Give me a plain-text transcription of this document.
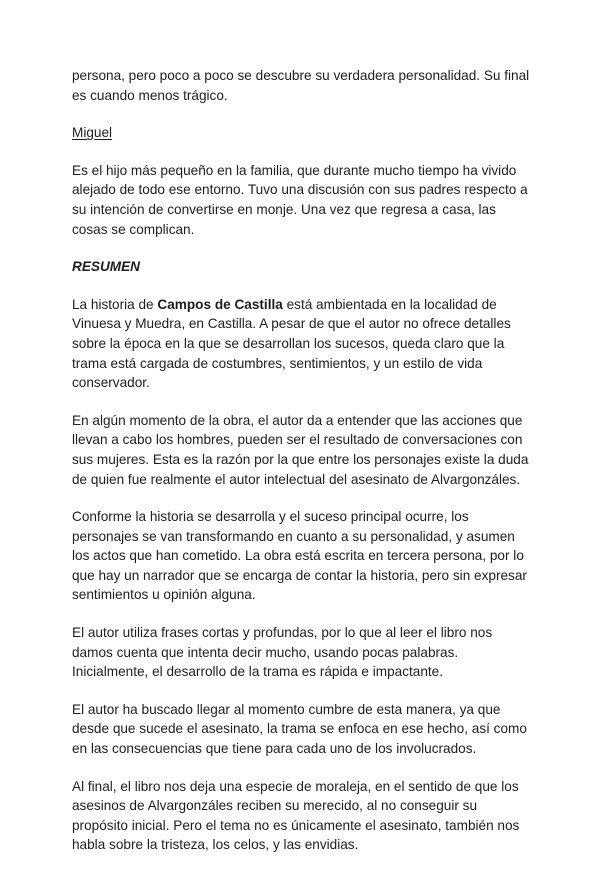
persona, pero poco a poco se descubre su verdadera personalidad. Su final es cuando menos trágico.

Miguel

Es el hijo más pequeño en la familia, que durante mucho tiempo ha vivido alejado de todo ese entorno. Tuvo una discusión con sus padres respecto a su intención de convertirse en monje. Una vez que regresa a casa, las cosas se complican.

RESUMEN

La historia de Campos de Castilla está ambientada en la localidad de Vinuesa y Muedra, en Castilla. A pesar de que el autor no ofrece detalles sobre la época en la que se desarrollan los sucesos, queda claro que la trama está cargada de costumbres, sentimientos, y un estilo de vida conservador.

En algún momento de la obra, el autor da a entender que las acciones que llevan a cabo los hombres, pueden ser el resultado de conversaciones con sus mujeres. Esta es la razón por la que entre los personajes existe la duda de quien fue realmente el autor intelectual del asesinato de Alvargonzáles.

Conforme la historia se desarrolla y el suceso principal ocurre, los personajes se van transformando en cuanto a su personalidad, y asumen los actos que han cometido. La obra está escrita en tercera persona, por lo que hay un narrador que se encarga de contar la historia, pero sin expresar sentimientos u opinión alguna.

El autor utiliza frases cortas y profundas, por lo que al leer el libro nos damos cuenta que intenta decir mucho, usando pocas palabras. Inicialmente, el desarrollo de la trama es rápida e impactante.

El autor ha buscado llegar al momento cumbre de esta manera, ya que desde que sucede el asesinato, la trama se enfoca en ese hecho, así como en las consecuencias que tiene para cada uno de los involucrados.

Al final, el libro nos deja una especie de moraleja, en el sentido de que los asesinos de Alvargonzáles reciben su merecido, al no conseguir su propósito inicial. Pero el tema no es únicamente el asesinato, también nos habla sobre la tristeza, los celos, y las envidias.
